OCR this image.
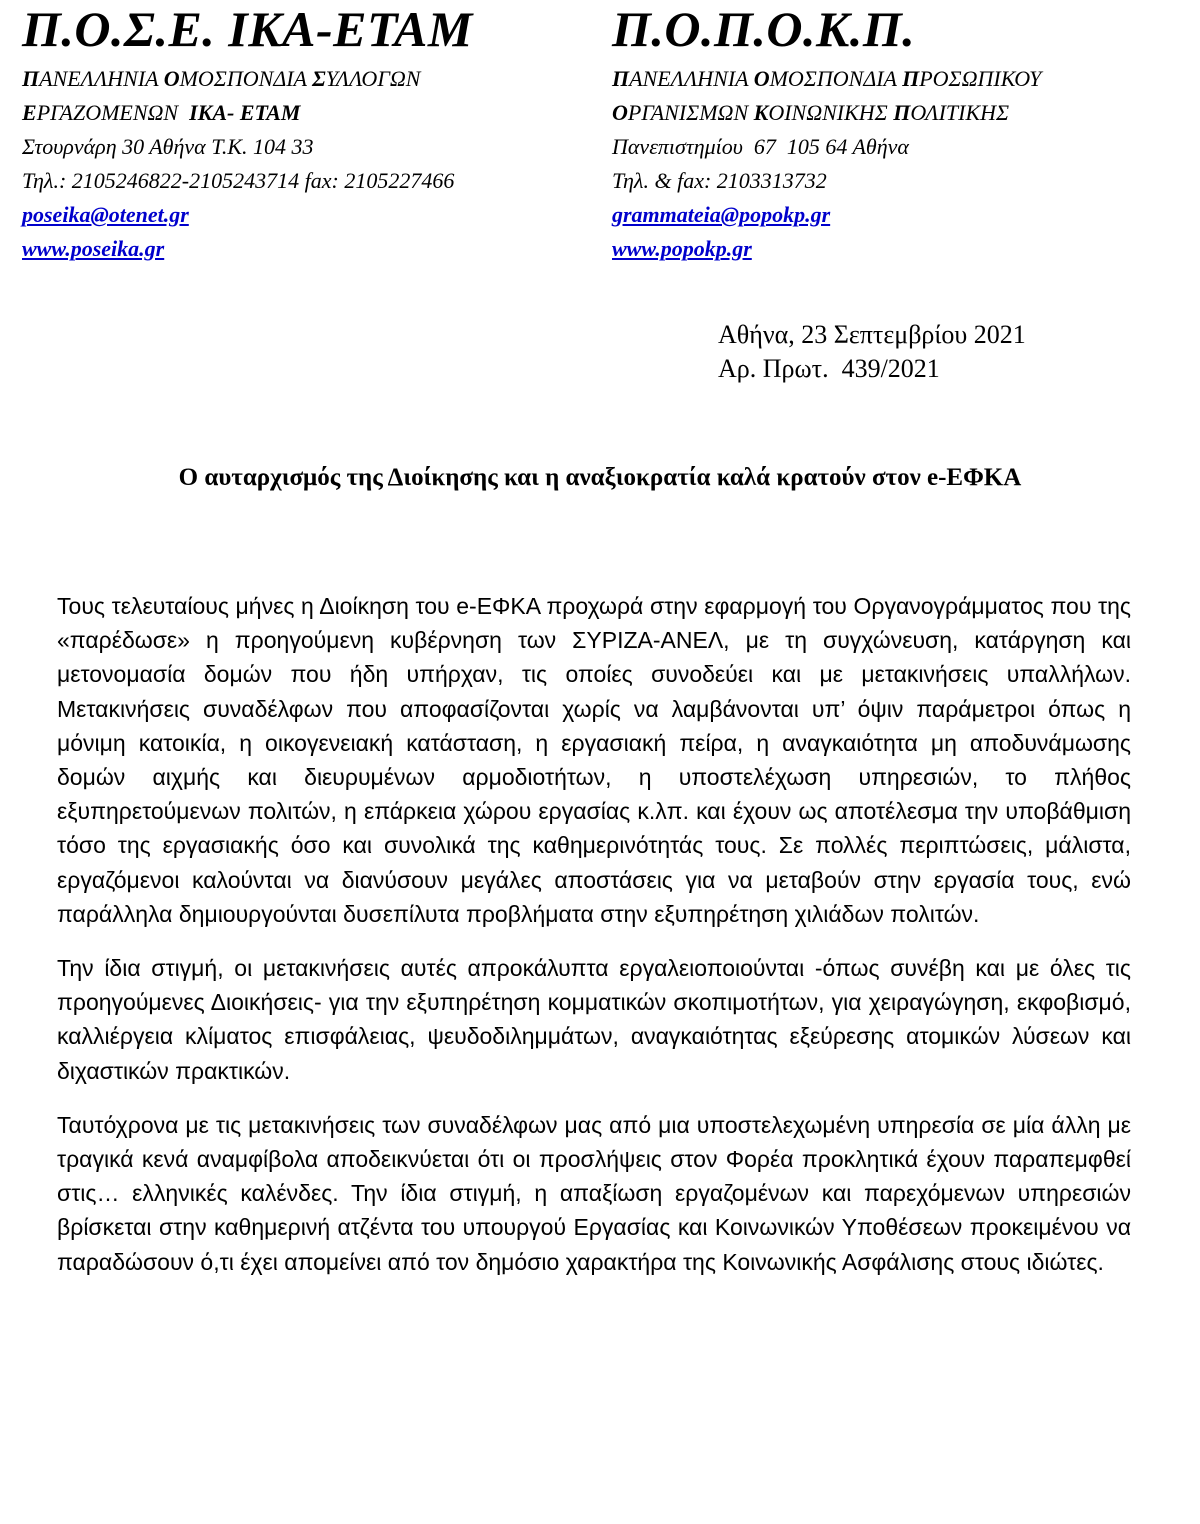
Π.Ο.Σ.Ε. ΙΚΑ-ΕΤΑΜ
ΠΑΝΕΛΛΗΝΙΑ ΟΜΟΣΠΟΝΔΙΑ ΣΥΛΛΟΓΩΝ
ΕΡΓΑΖΟΜΕΝΩΝ  ΙΚΑ- ΕΤΑΜ
Στουρνάρη 30 Αθήνα Τ.Κ. 104 33
Τηλ.: 2105246822-2105243714 fax: 2105227466
poseika@otenet.gr
www.poseika.gr
Π.Ο.Π.Ο.Κ.Π.
ΠΑΝΕΛΛΗΝΙΑ ΟΜΟΣΠΟΝΔΙΑ ΠΡΟΣΩΠΙΚΟΥ
ΟΡΓΑΝΙΣΜΩΝ ΚΟΙΝΩΝΙΚΗΣ ΠΟΛΙΤΙΚΗΣ
Πανεπιστημίου  67  105 64 Αθήνα
Τηλ. & fax: 2103313732
grammateia@popokp.gr
www.popokp.gr
Αθήνα, 23 Σεπτεμβρίου 2021
Αρ. Πρωτ.  439/2021
Ο αυταρχισμός της Διοίκησης και η αναξιοκρατία καλά κρατούν στον e-ΕΦΚΑ

Τους τελευταίους μήνες η Διοίκηση του e-ΕΦΚΑ προχωρά στην εφαρμογή του Οργανογράμματος που της «παρέδωσε» η προηγούμενη κυβέρνηση των ΣΥΡΙΖΑ-ΑΝΕΛ, με τη συγχώνευση, κατάργηση και μετονομασία δομών που ήδη υπήρχαν, τις οποίες συνοδεύει και με μετακινήσεις υπαλλήλων. Μετακινήσεις συναδέλφων που αποφασίζονται χωρίς να λαμβάνονται υπ’ όψιν παράμετροι όπως η μόνιμη κατοικία, η οικογενειακή κατάσταση, η εργασιακή πείρα, η αναγκαιότητα μη αποδυνάμωσης δομών αιχμής και διευρυμένων αρμοδιοτήτων, η υποστελέχωση υπηρεσιών, το πλήθος εξυπηρετούμενων πολιτών, η επάρκεια χώρου εργασίας κ.λπ. και έχουν ως αποτέλεσμα την υποβάθμιση τόσο της εργασιακής όσο και συνολικά της καθημερινότητάς τους. Σε πολλές περιπτώσεις, μάλιστα, εργαζόμενοι καλούνται να διανύσουν μεγάλες αποστάσεις για να μεταβούν στην εργασία τους, ενώ παράλληλα δημιουργούνται δυσεπίλυτα προβλήματα στην εξυπηρέτηση χιλιάδων πολιτών.

Την ίδια στιγμή, οι μετακινήσεις αυτές απροκάλυπτα εργαλειοποιούνται -όπως συνέβη και με όλες τις προηγούμενες Διοικήσεις- για την εξυπηρέτηση κομματικών σκοπιμοτήτων, για χειραγώγηση, εκφοβισμό, καλλιέργεια κλίματος επισφάλειας, ψευδοδιλημμάτων, αναγκαιότητας εξεύρεσης ατομικών λύσεων και διχαστικών πρακτικών.

Ταυτόχρονα με τις μετακινήσεις των συναδέλφων μας από μια υποστελεχωμένη υπηρεσία σε μία άλλη με τραγικά κενά αναμφίβολα αποδεικνύεται ότι οι προσλήψεις στον Φορέα προκλητικά έχουν παραπεμφθεί στις… ελληνικές καλένδες. Την ίδια στιγμή, η απαξίωση εργαζομένων και παρεχόμενων υπηρεσιών βρίσκεται στην καθημερινή ατζέντα του υπουργού Εργασίας και Κοινωνικών Υποθέσεων προκειμένου να παραδώσουν ό,τι έχει απομείνει από τον δημόσιο χαρακτήρα της Κοινωνικής Ασφάλισης στους ιδιώτες.
